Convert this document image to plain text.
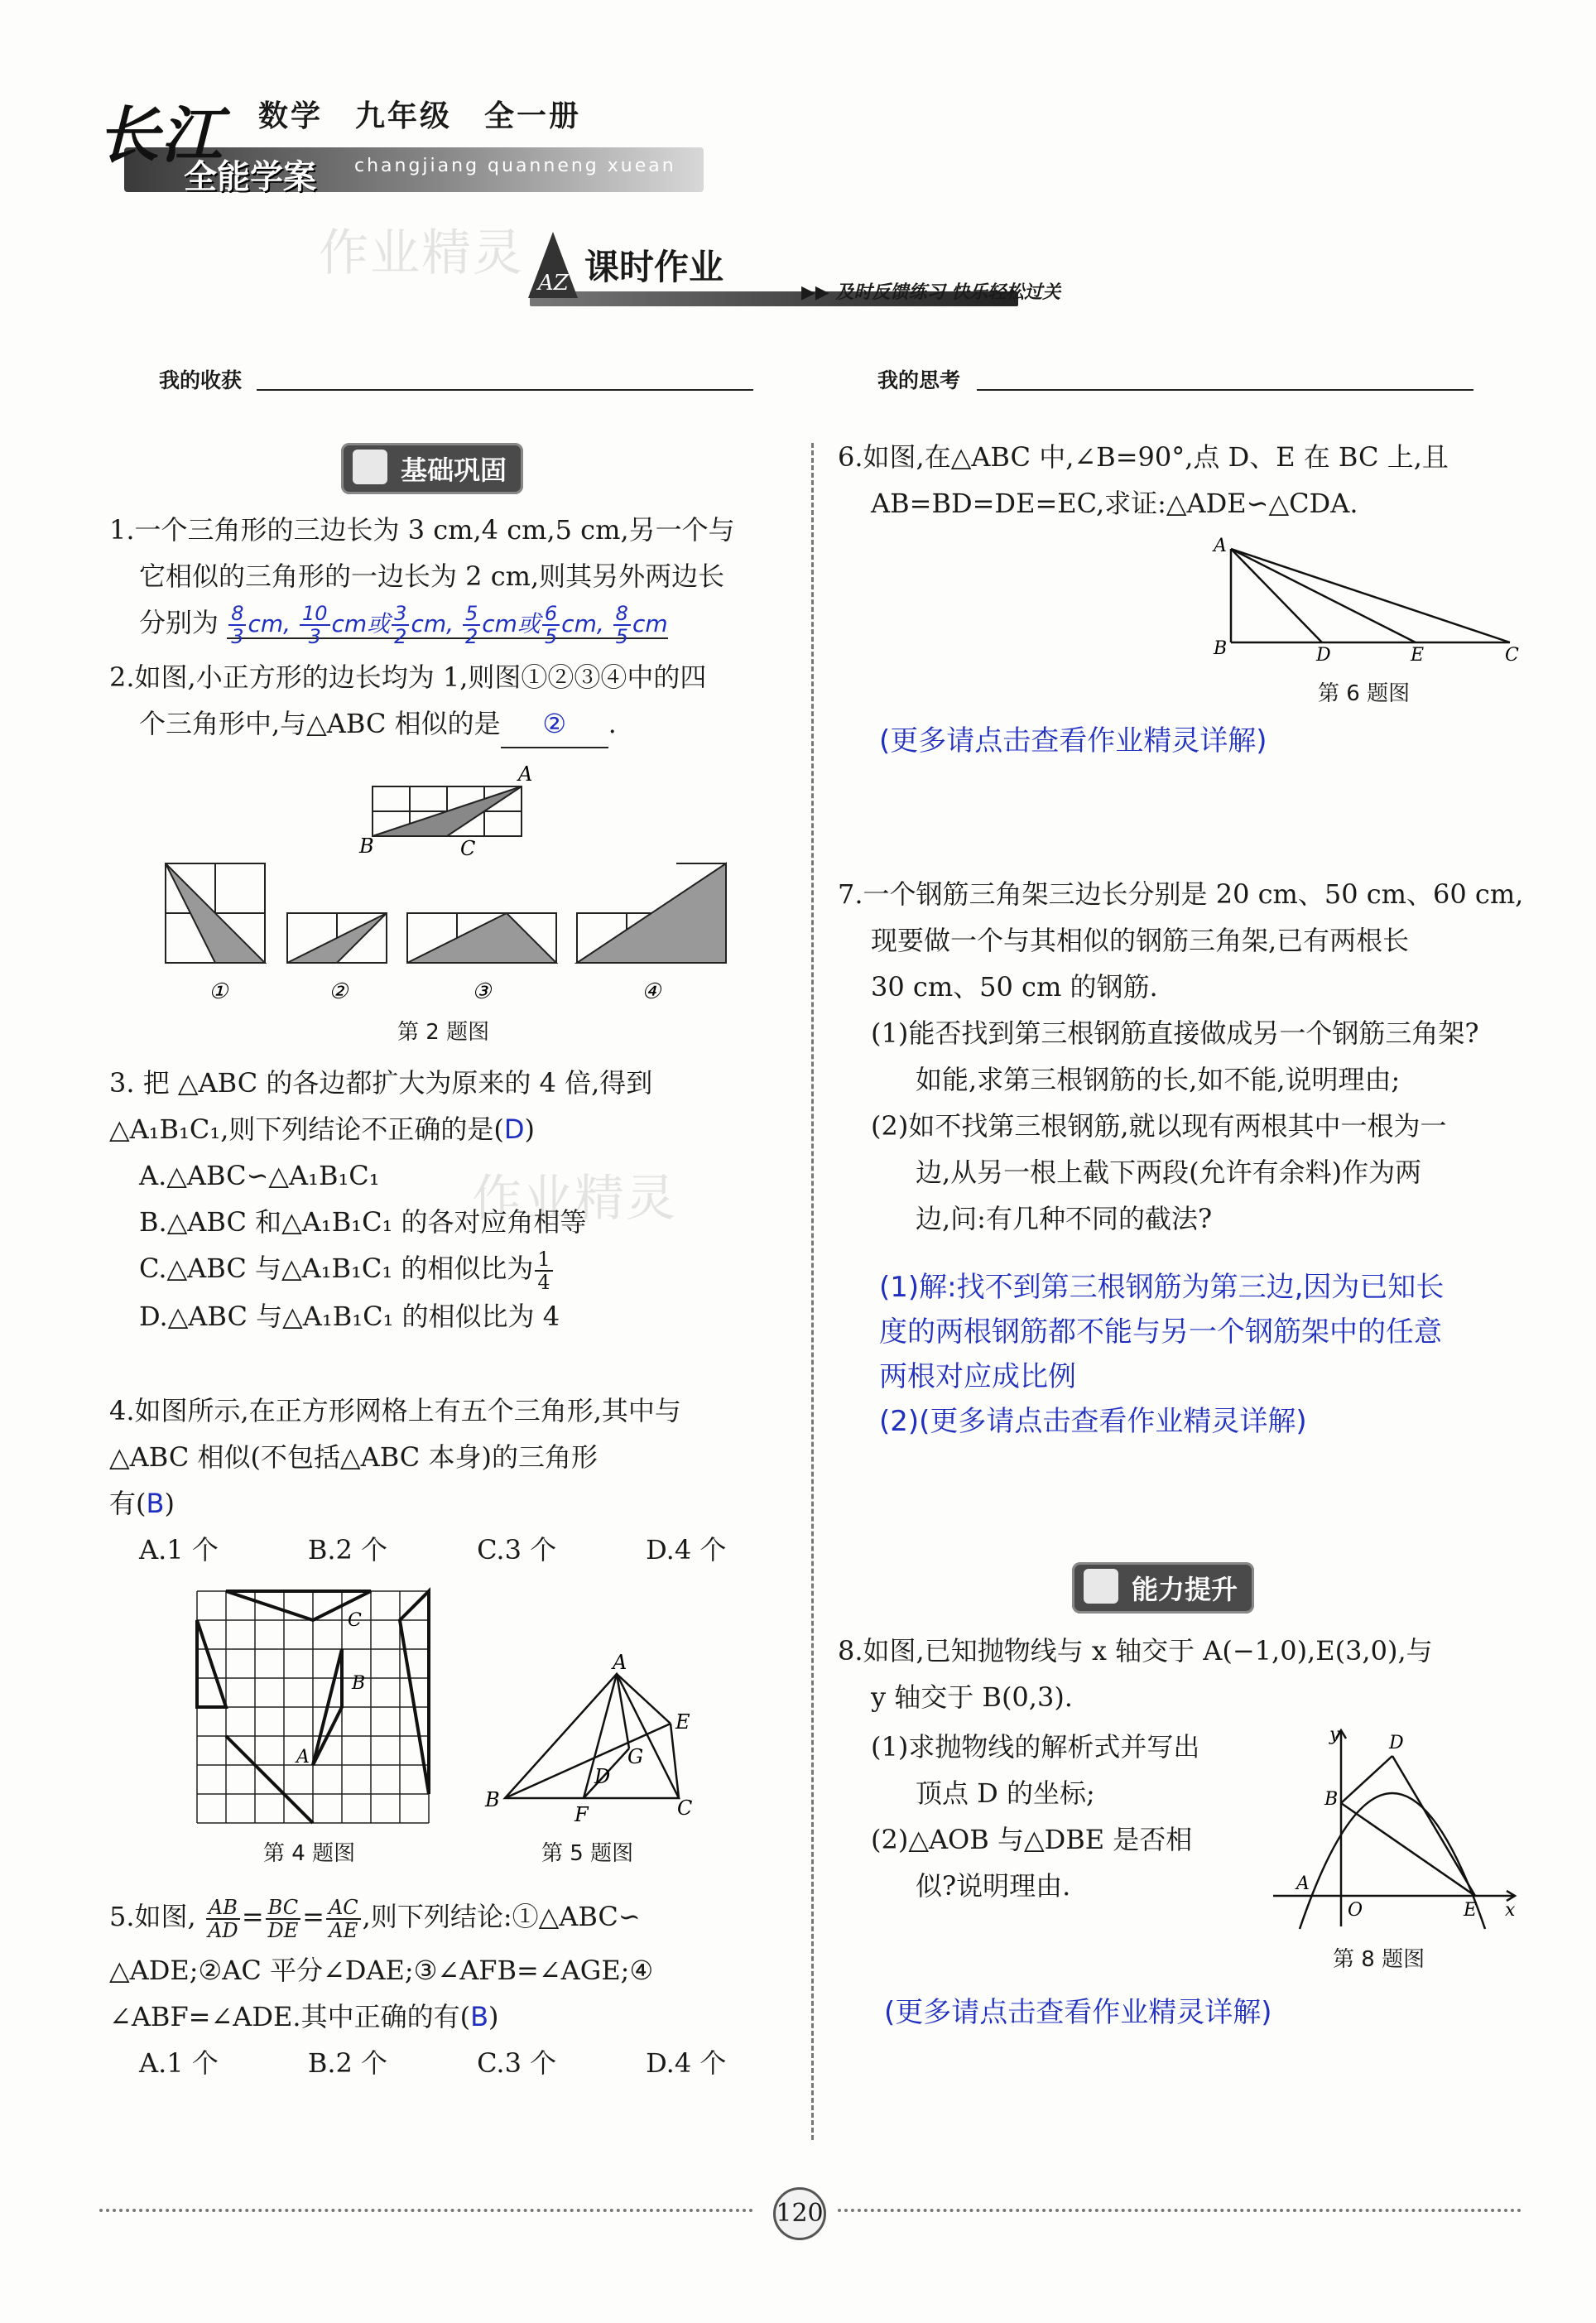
长江
全能学案
数学　九年级　全一册
changjiang quanneng xuean
作业精灵
作业精灵
AZ 课时作业
▶▶ 及时反馈练习 快乐轻松过关
我的收获	我的思考
基础巩固
1.一个三角形的三边长为 3 cm,4 cm,5 cm,另一个与
它相似的三角形的一边长为 2 cm,则其另外两边长
分别为 $\frac{8}{3}$ cm, $\frac{10}{3}$ cm或 $\frac{3}{2}$ cm, $\frac{5}{2}$ cm或 $\frac{6}{5}$ cm, $\frac{8}{5}$ cm
2.如图,小正方形的边长均为 1,则图①②③④中的四
个三角形中,与△ABC 相似的是 ② .
A
B	C
①	②	③	④
第 2 题图
3. 把 △ABC 的各边都扩大为原来的 4 倍,得到
△A₁B₁C₁,则下列结论不正确的是(D)
A.△ABC∽△A₁B₁C₁
B.△ABC 和△A₁B₁C₁ 的各对应角相等
C.△ABC 与△A₁B₁C₁ 的相似比为 $\frac{1}{4}$
D.△ABC 与△A₁B₁C₁ 的相似比为 4
4.如图所示,在正方形网格上有五个三角形,其中与
△ABC 相似(不包括△ABC 本身)的三角形
有(B)
A.1 个	B.2 个	C.3 个	D.4 个
C
B
A
A
E
B	C
F
D
G
第 4 题图	第 5 题图
5.如图, $\frac{AB}{AD} = \frac{BC}{DE} = \frac{AC}{AE}$ ,则下列结论:①△ABC∽
△ADE;②AC 平分∠DAE;③∠AFB=∠AGE;④
∠ABF=∠ADE.其中正确的有(B)
A.1 个	B.2 个	C.3 个	D.4 个
6.如图,在△ABC 中,∠B=90°,点 D、E 在 BC 上,且
AB=BD=DE=EC,求证:△ADE∽△CDA.
A
B	D	E	C
第 6 题图
(更多请点击查看作业精灵详解)
7.一个钢筋三角架三边长分别是 20 cm、50 cm、60 cm,
现要做一个与其相似的钢筋三角架,已有两根长
30 cm、50 cm 的钢筋.
(1)能否找到第三根钢筋直接做成另一个钢筋三角架?
如能,求第三根钢筋的长,如不能,说明理由;
(2)如不找第三根钢筋,就以现有两根其中一根为一
边,从另一根上截下两段(允许有余料)作为两
边,问:有几种不同的截法?
(1)解:找不到第三根钢筋为第三边,因为已知长
度的两根钢筋都不能与另一个钢筋架中的任意
两根对应成比例
(2)(更多请点击查看作业精灵详解)
能力提升
8.如图,已知抛物线与 x 轴交于 A(−1,0),E(3,0),与
y 轴交于 B(0,3).
(1)求抛物线的解析式并写出
顶点 D 的坐标;
(2)△AOB 与△DBE 是否相
似?说明理由.
y
x
D
B
A
O	E
第 8 题图
(更多请点击查看作业精灵详解)
120
